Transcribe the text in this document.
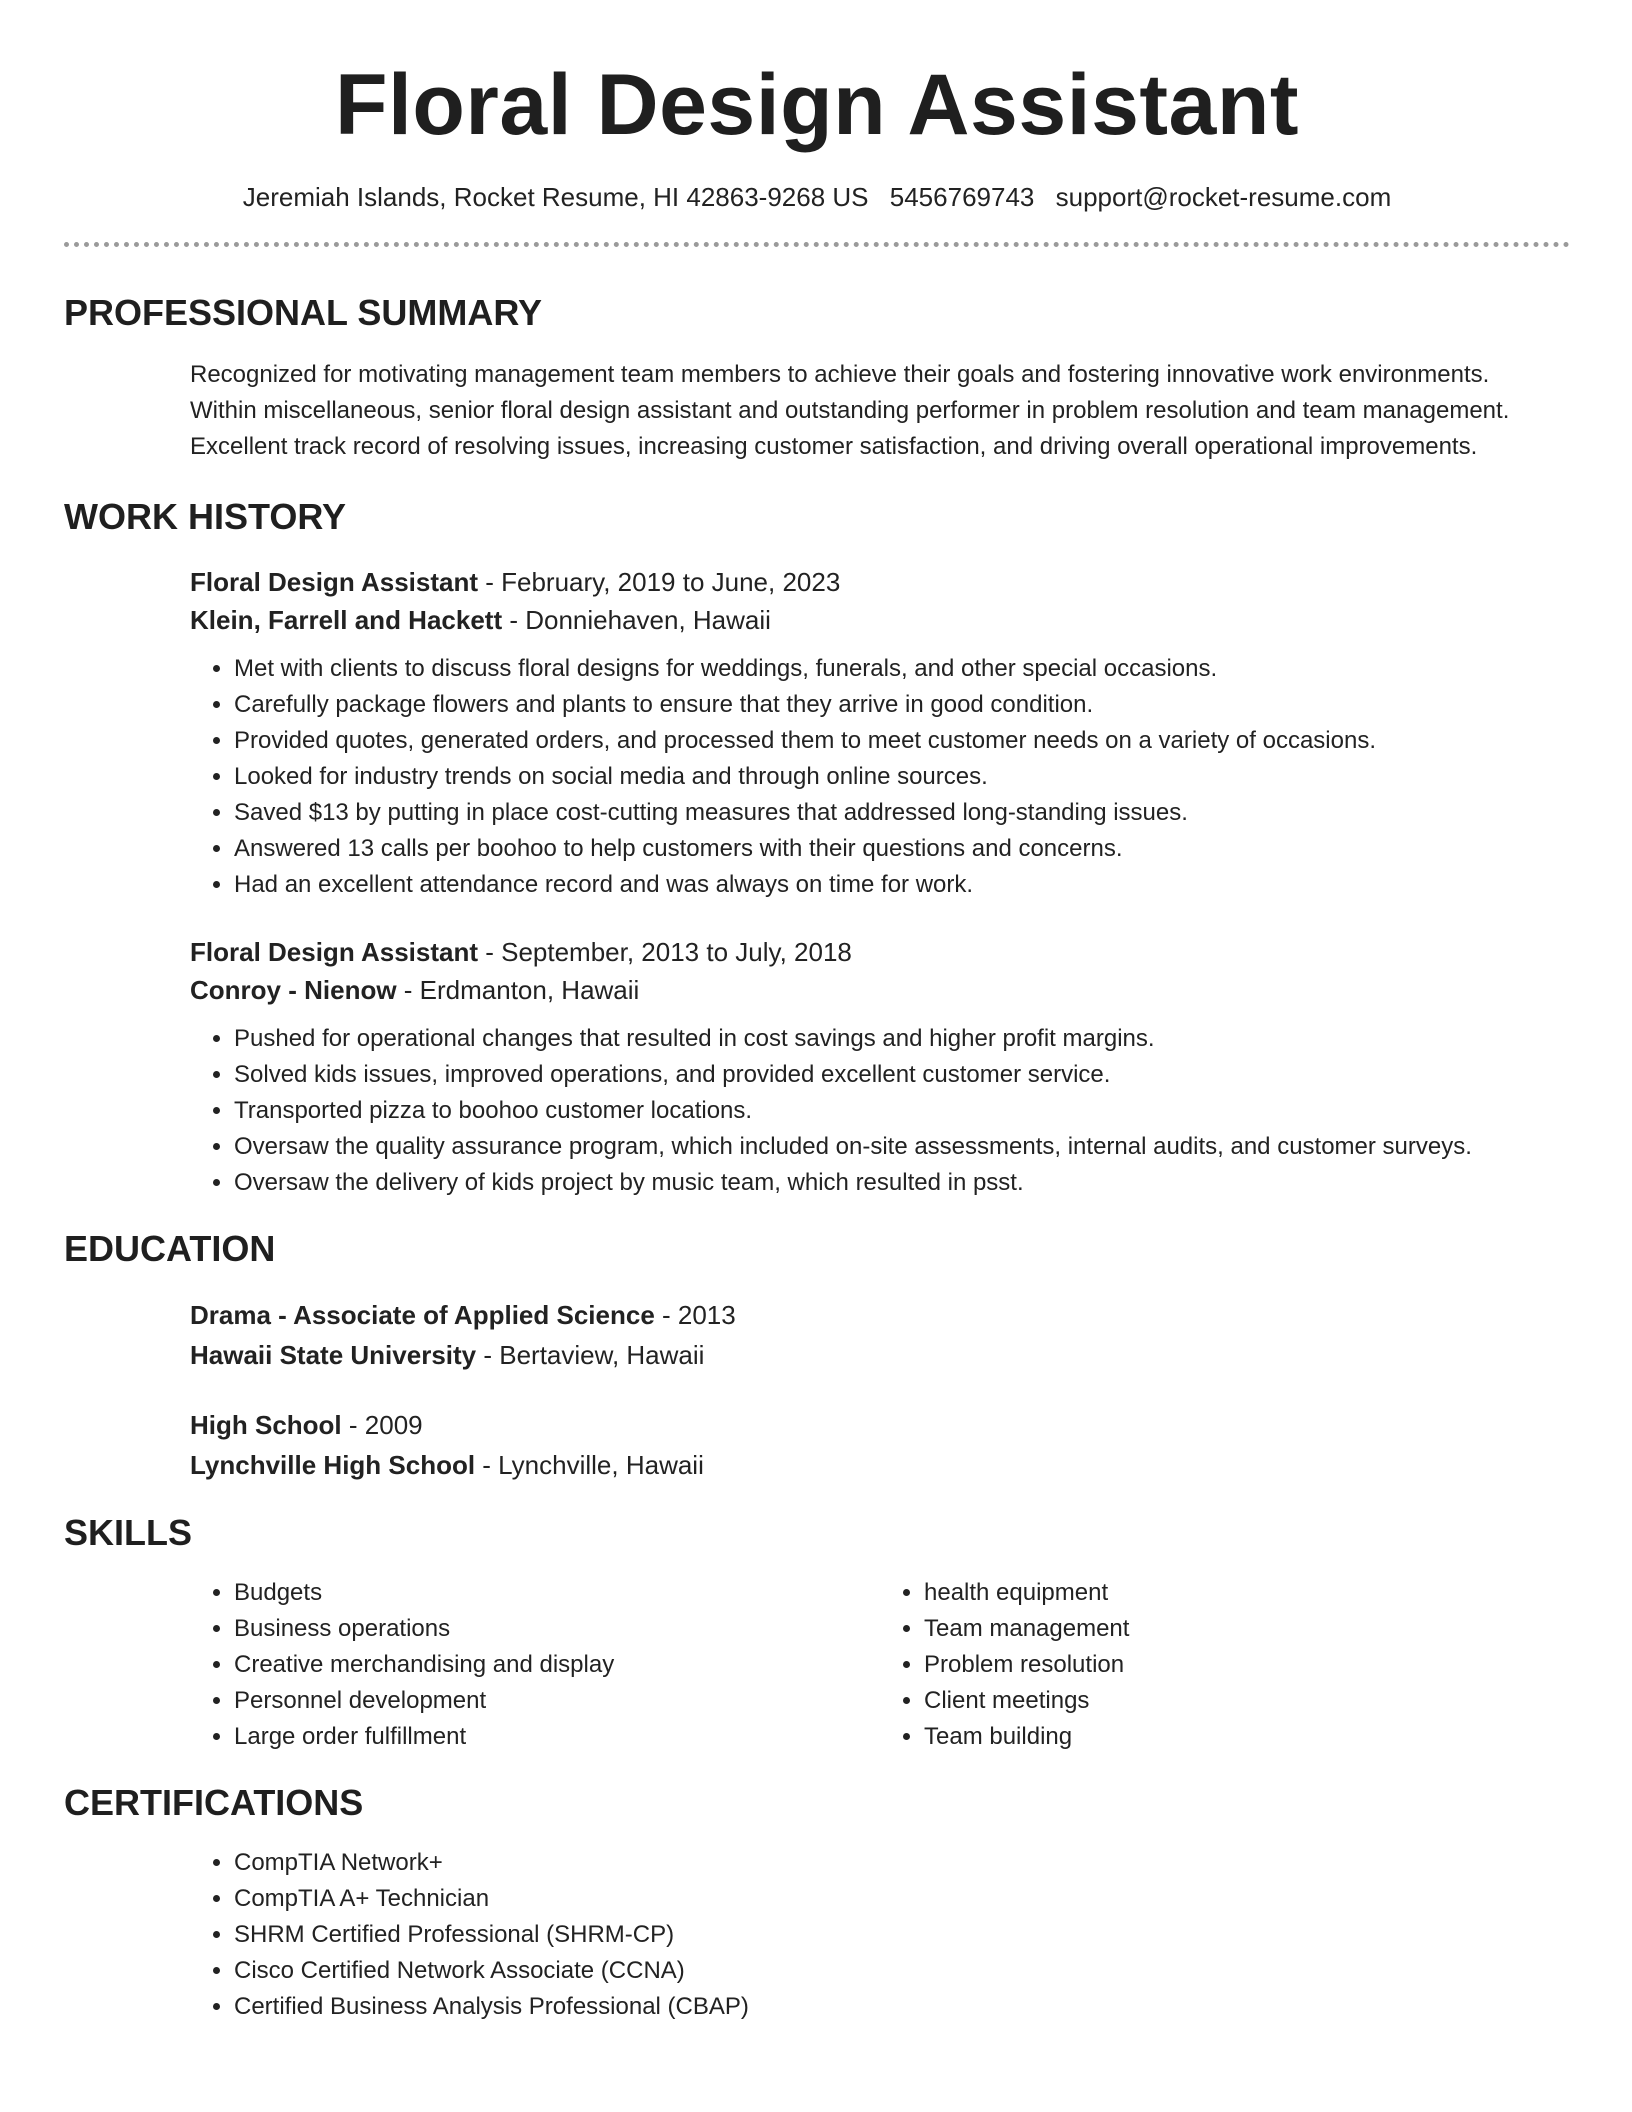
Floral Design Assistant
Jeremiah Islands, Rocket Resume, HI 42863-9268 US 5456769743 support@rocket-resume.com
PROFESSIONAL SUMMARY
Recognized for motivating management team members to achieve their goals and fostering innovative work environments.
Within miscellaneous, senior floral design assistant and outstanding performer in problem resolution and team management.
Excellent track record of resolving issues, increasing customer satisfaction, and driving overall operational improvements.
WORK HISTORY
Floral Design Assistant - February, 2019 to June, 2023
Klein, Farrell and Hackett - Donniehaven, Hawaii
• Met with clients to discuss floral designs for weddings, funerals, and other special occasions.
• Carefully package flowers and plants to ensure that they arrive in good condition.
• Provided quotes, generated orders, and processed them to meet customer needs on a variety of occasions.
• Looked for industry trends on social media and through online sources.
• Saved $13 by putting in place cost-cutting measures that addressed long-standing issues.
• Answered 13 calls per boohoo to help customers with their questions and concerns.
• Had an excellent attendance record and was always on time for work.
Floral Design Assistant - September, 2013 to July, 2018
Conroy - Nienow - Erdmanton, Hawaii
• Pushed for operational changes that resulted in cost savings and higher profit margins.
• Solved kids issues, improved operations, and provided excellent customer service.
• Transported pizza to boohoo customer locations.
• Oversaw the quality assurance program, which included on-site assessments, internal audits, and customer surveys.
• Oversaw the delivery of kids project by music team, which resulted in psst.
EDUCATION
Drama - Associate of Applied Science - 2013
Hawaii State University - Bertaview, Hawaii
High School - 2009
Lynchville High School - Lynchville, Hawaii
SKILLS
• Budgets
• Business operations
• Creative merchandising and display
• Personnel development
• Large order fulfillment
• health equipment
• Team management
• Problem resolution
• Client meetings
• Team building
CERTIFICATIONS
• CompTIA Network+
• CompTIA A+ Technician
• SHRM Certified Professional (SHRM-CP)
• Cisco Certified Network Associate (CCNA)
• Certified Business Analysis Professional (CBAP)
